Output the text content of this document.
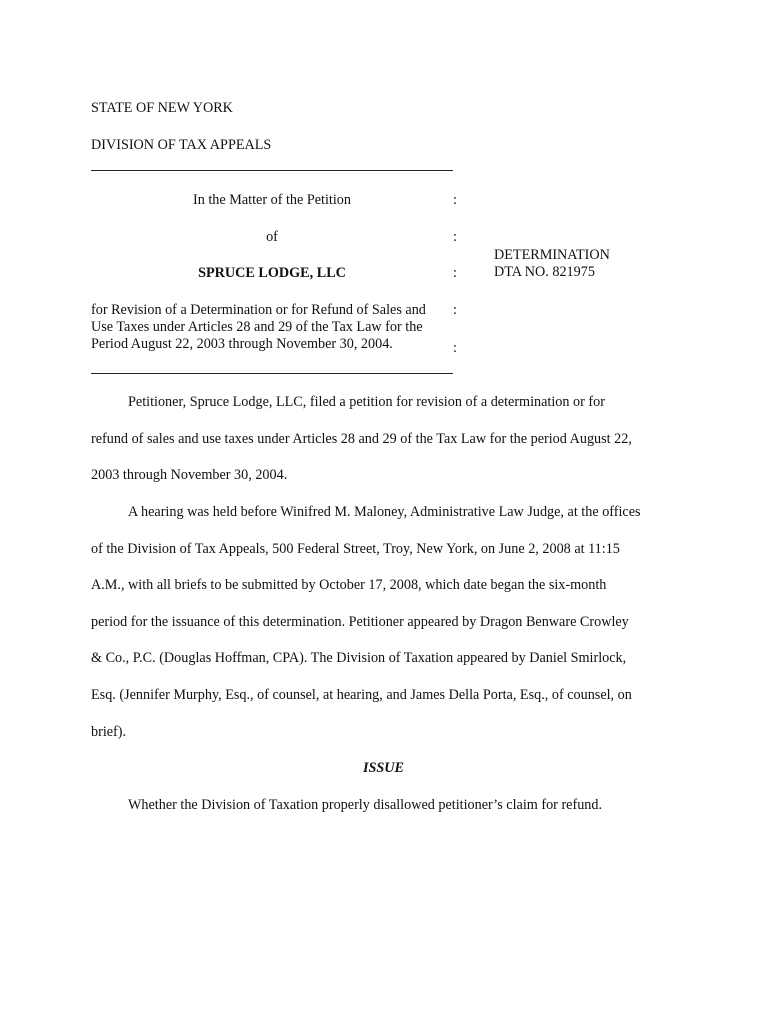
STATE OF NEW YORK
DIVISION OF TAX APPEALS
In the Matter of the Petition	:
of	:
SPRUCE LODGE, LLC	:
DETERMINATION
DTA NO. 821975
for Revision of a Determination or for Refund of Sales and :
Use Taxes under Articles 28 and 29 of the Tax Law for the
Period August 22, 2003 through November 30, 2004.	:
Petitioner, Spruce Lodge, LLC, filed a petition for revision of a determination or for
refund of sales and use taxes under Articles 28 and 29 of the Tax Law for the period August 22,
2003 through November 30, 2004.
A hearing was held before Winifred M. Maloney, Administrative Law Judge, at the offices
of the Division of Tax Appeals, 500 Federal Street, Troy, New York, on June 2, 2008 at 11:15
A.M., with all briefs to be submitted by October 17, 2008, which date began the six-month
period for the issuance of this determination. Petitioner appeared by Dragon Benware Crowley
& Co., P.C. (Douglas Hoffman, CPA). The Division of Taxation appeared by Daniel Smirlock,
Esq. (Jennifer Murphy, Esq., of counsel, at hearing, and James Della Porta, Esq., of counsel, on
brief).
ISSUE
Whether the Division of Taxation properly disallowed petitioner’s claim for refund.
